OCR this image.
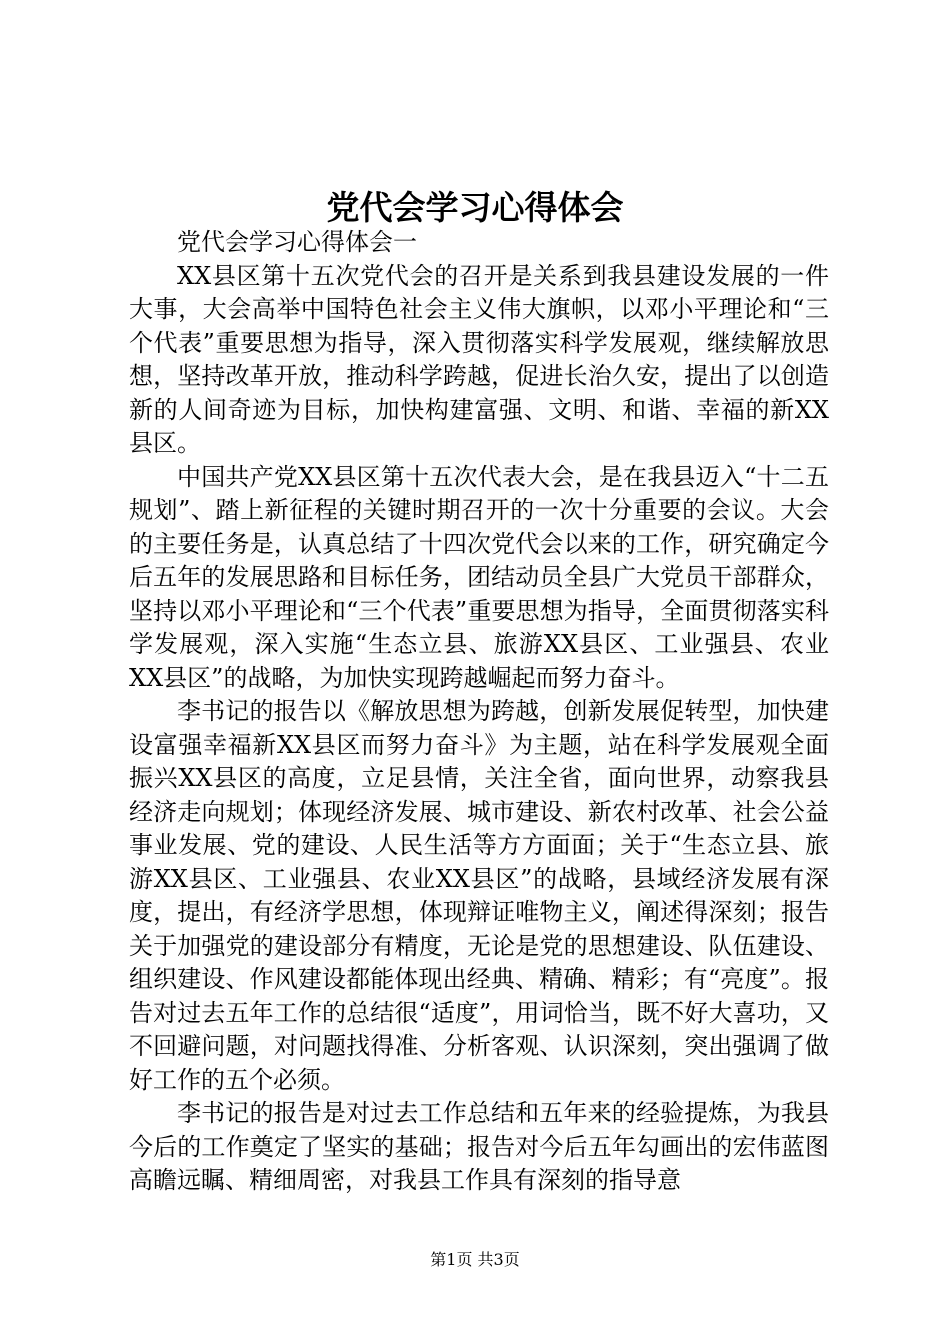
党代会学习心得体会

党代会学习心得体会一

XX县区第十五次党代会的召开是关系到我县建设发展的一件大事，大会高举中国特色社会主义伟大旗帜，以邓小平理论和“三个代表”重要思想为指导，深入贯彻落实科学发展观，继续解放思想，坚持改革开放，推动科学跨越，促进长治久安，提出了以创造新的人间奇迹为目标，加快构建富强、文明、和谐、幸福的新XX县区。

中国共产党XX县区第十五次代表大会，是在我县迈入“十二五规划”、踏上新征程的关键时期召开的一次十分重要的会议。大会的主要任务是，认真总结了十四次党代会以来的工作，研究确定今后五年的发展思路和目标任务，团结动员全县广大党员干部群众，坚持以邓小平理论和“三个代表”重要思想为指导，全面贯彻落实科学发展观，深入实施“生态立县、旅游XX县区、工业强县、农业XX县区”的战略，为加快实现跨越崛起而努力奋斗。

李书记的报告以《解放思想为跨越，创新发展促转型，加快建设富强幸福新XX县区而努力奋斗》为主题，站在科学发展观全面振兴XX县区的高度，立足县情，关注全省，面向世界，动察我县经济走向规划；体现经济发展、城市建设、新农村改革、社会公益事业发展、党的建设、人民生活等方方面面；关于“生态立县、旅游XX县区、工业强县、农业XX县区”的战略，县域经济发展有深度，提出，有经济学思想，体现辩证唯物主义，阐述得深刻；报告关于加强党的建设部分有精度，无论是党的思想建设、队伍建设、组织建设、作风建设都能体现出经典、精确、精彩；有“亮度”。报告对过去五年工作的总结很“适度”，用词恰当，既不好大喜功，又不回避问题，对问题找得准、分析客观、认识深刻，突出强调了做好工作的五个必须。

李书记的报告是对过去工作总结和五年来的经验提炼，为我县今后的工作奠定了坚实的基础；报告对今后五年勾画出的宏伟蓝图高瞻远瞩、精细周密，对我县工作具有深刻的指导意

第1页 共3页
